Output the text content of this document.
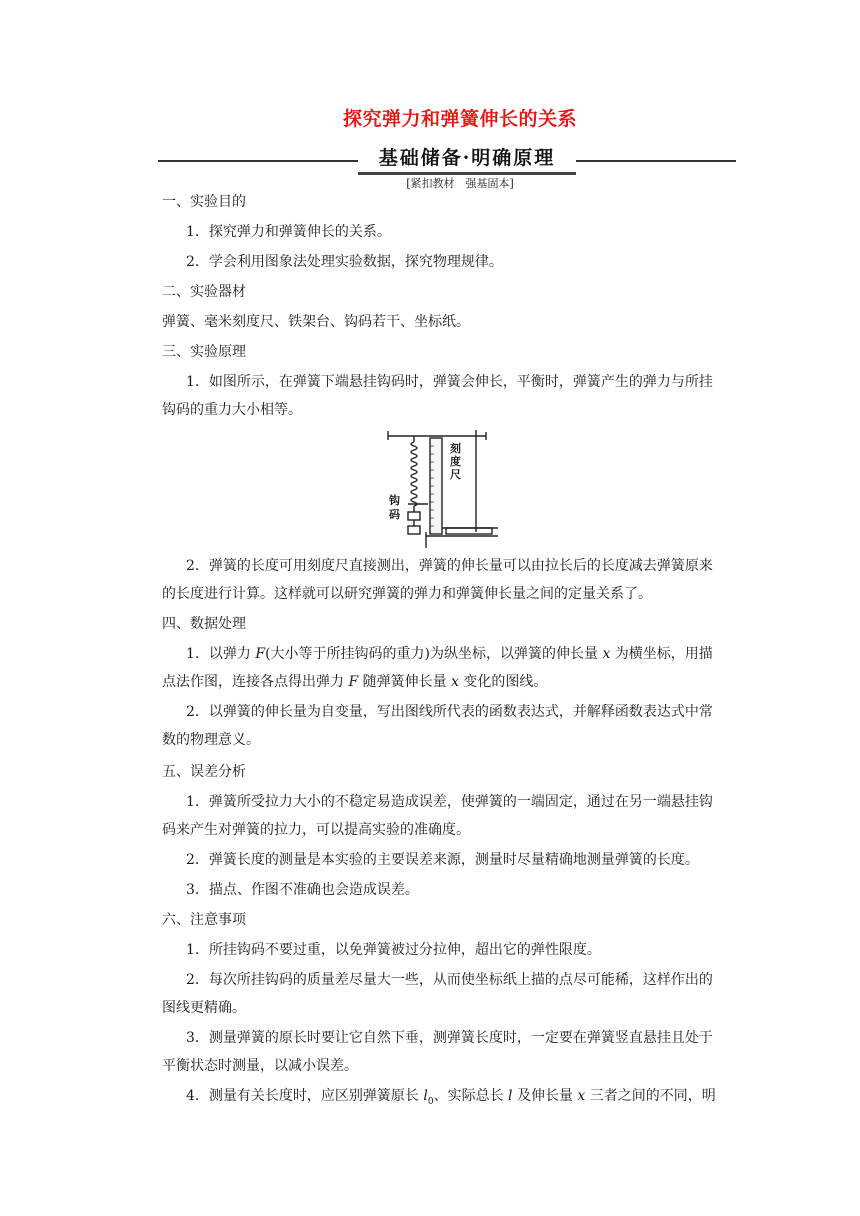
探究弹力和弹簧伸长的关系
基础储备·明确原理
[紧扣教材　强基固本]
一、实验目的
1．探究弹力和弹簧伸长的关系。
2．学会利用图象法处理实验数据，探究物理规律。
二、实验器材
弹簧、毫米刻度尺、铁架台、钩码若干、坐标纸。
三、实验原理
1．如图所示，在弹簧下端悬挂钩码时，弹簧会伸长，平衡时，弹簧产生的弹力与所挂
钩码的重力大小相等。
刻度尺
钩码
2．弹簧的长度可用刻度尺直接测出，弹簧的伸长量可以由拉长后的长度减去弹簧原来
的长度进行计算。这样就可以研究弹簧的弹力和弹簧伸长量之间的定量关系了。
四、数据处理
1．以弹力 F(大小等于所挂钩码的重力)为纵坐标，以弹簧的伸长量 x 为横坐标，用描
点法作图，连接各点得出弹力 F 随弹簧伸长量 x 变化的图线。
2．以弹簧的伸长量为自变量，写出图线所代表的函数表达式，并解释函数表达式中常
数的物理意义。
五、误差分析
1．弹簧所受拉力大小的不稳定易造成误差，使弹簧的一端固定，通过在另一端悬挂钩
码来产生对弹簧的拉力，可以提高实验的准确度。
2．弹簧长度的测量是本实验的主要误差来源，测量时尽量精确地测量弹簧的长度。
3．描点、作图不准确也会造成误差。
六、注意事项
1．所挂钩码不要过重，以免弹簧被过分拉伸，超出它的弹性限度。
2．每次所挂钩码的质量差尽量大一些，从而使坐标纸上描的点尽可能稀，这样作出的
图线更精确。
3．测量弹簧的原长时要让它自然下垂，测弹簧长度时，一定要在弹簧竖直悬挂且处于
平衡状态时测量，以减小误差。
4．测量有关长度时，应区别弹簧原长 $l_0$、实际总长 l 及伸长量 x 三者之间的不同，明
